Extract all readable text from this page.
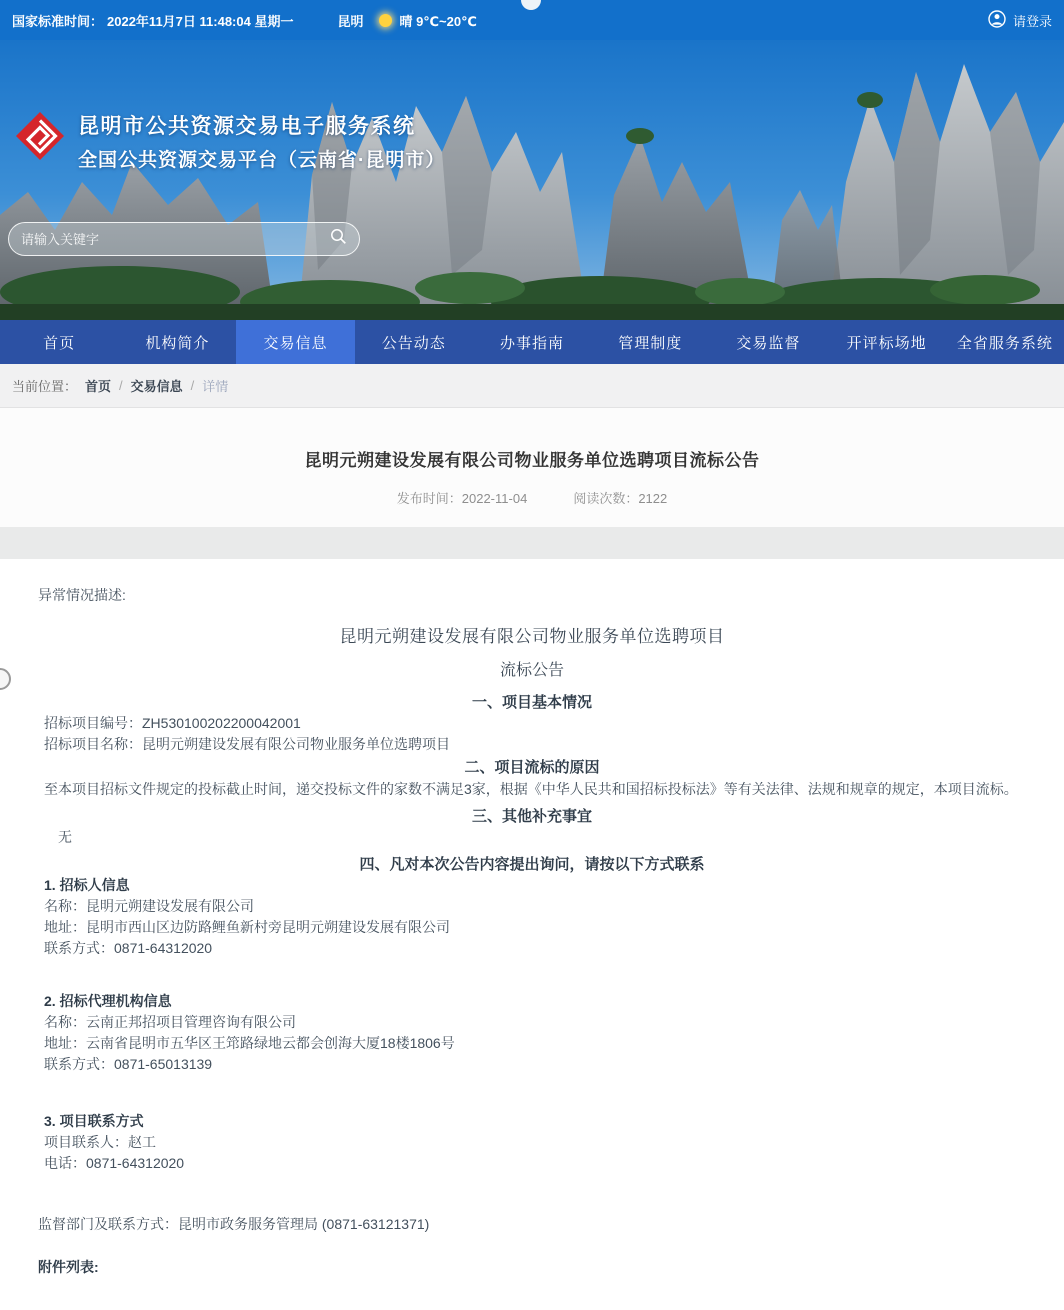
国家标准时间： 2022年11月7日 11:48:04 星期一	昆明	晴 9℃~20℃	请登录
昆明市公共资源交易电子服务系统
全国公共资源交易平台（云南省·昆明市）
请输入关键字
首页	机构简介	交易信息	公告动态	办事指南	管理制度	交易监督	开评标场地	全省服务系统
当前位置： 首页 / 交易信息 / 详情
昆明元朔建设发展有限公司物业服务单位选聘项目流标公告
发布时间：2022-11-04	阅读次数：2122
异常情况描述:
昆明元朔建设发展有限公司物业服务单位选聘项目
流标公告
一、项目基本情况
招标项目编号：ZH530100202200042001
招标项目名称：昆明元朔建设发展有限公司物业服务单位选聘项目
二、项目流标的原因
至本项目招标文件规定的投标截止时间，递交投标文件的家数不满足3家，根据《中华人民共和国招标投标法》等有关法律、法规和规章的规定，本项目流标。
三、其他补充事宜
无
四、凡对本次公告内容提出询问，请按以下方式联系
1. 招标人信息
名称：昆明元朔建设发展有限公司
地址：昆明市西山区边防路鲤鱼新村旁昆明元朔建设发展有限公司
联系方式：0871-64312020
2. 招标代理机构信息
名称：云南正邦招项目管理咨询有限公司
地址：云南省昆明市五华区王筇路绿地云都会创海大厦18楼1806号
联系方式：0871-65013139
3. 项目联系方式
项目联系人：赵工
电话：0871-64312020
监督部门及联系方式：昆明市政务服务管理局 (0871-63121371)
附件列表:
